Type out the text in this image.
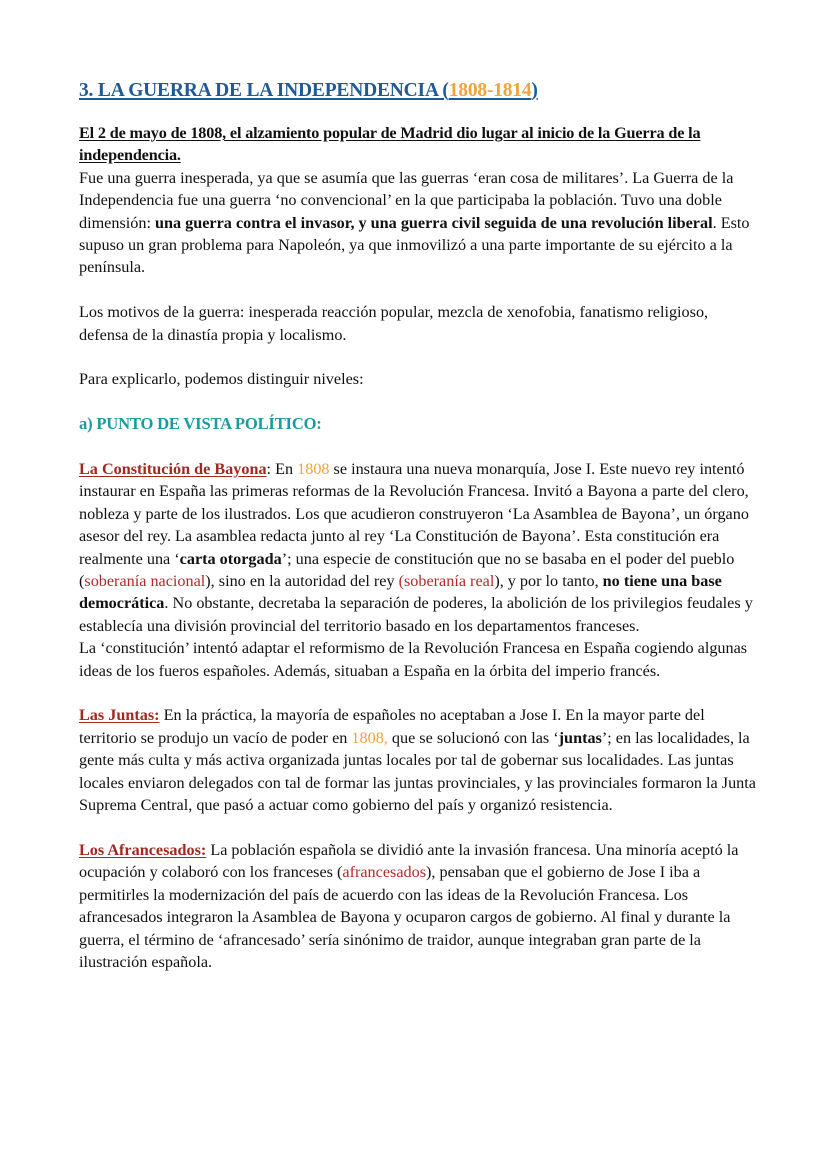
3. LA GUERRA DE LA INDEPENDENCIA (1808-1814)

El 2 de mayo de 1808, el alzamiento popular de Madrid dio lugar al inicio de la Guerra de la independencia.

Fue una guerra inesperada, ya que se asumía que las guerras ‘eran cosa de militares’. La Guerra de la Independencia fue una guerra ‘no convencional’ en la que participaba la población. Tuvo una doble dimensión: una guerra contra el invasor, y una guerra civil seguida de una revolución liberal. Esto supuso un gran problema para Napoleón, ya que inmovilizó a una parte importante de su ejército a la península.

Los motivos de la guerra: inesperada reacción popular, mezcla de xenofobia, fanatismo religioso, defensa de la dinastía propia y localismo.

Para explicarlo, podemos distinguir niveles:

a) PUNTO DE VISTA POLÍTICO:

La Constitución de Bayona: En 1808 se instaura una nueva monarquía, Jose I. Este nuevo rey intentó instaurar en España las primeras reformas de la Revolución Francesa. Invitó a Bayona a parte del clero, nobleza y parte de los ilustrados. Los que acudieron construyeron ‘La Asamblea de Bayona’, un órgano asesor del rey. La asamblea redacta junto al rey ‘La Constitución de Bayona’. Esta constitución era realmente una ‘carta otorgada’; una especie de constitución que no se basaba en el poder del pueblo (soberanía nacional), sino en la autoridad del rey (soberanía real), y por lo tanto, no tiene una base democrática. No obstante, decretaba la separación de poderes, la abolición de los privilegios feudales y establecía una división provincial del territorio basado en los departamentos franceses.

La ‘constitución’ intentó adaptar el reformismo de la Revolución Francesa en España cogiendo algunas ideas de los fueros españoles. Además, situaban a España en la órbita del imperio francés.

Las Juntas: En la práctica, la mayoría de españoles no aceptaban a Jose I. En la mayor parte del territorio se produjo un vacío de poder en 1808, que se solucionó con las ‘juntas’; en las localidades, la gente más culta y más activa organizada juntas locales por tal de gobernar sus localidades. Las juntas locales enviaron delegados con tal de formar las juntas provinciales, y las provinciales formaron la Junta Suprema Central, que pasó a actuar como gobierno del país y organizó resistencia.

Los Afrancesados: La población española se dividió ante la invasión francesa. Una minoría aceptó la ocupación y colaboró con los franceses (afrancesados), pensaban que el gobierno de Jose I iba a permitirles la modernización del país de acuerdo con las ideas de la Revolución Francesa. Los afrancesados integraron la Asamblea de Bayona y ocuparon cargos de gobierno. Al final y durante la guerra, el término de ‘afrancesado’ sería sinónimo de traidor, aunque integraban gran parte de la ilustración española.
